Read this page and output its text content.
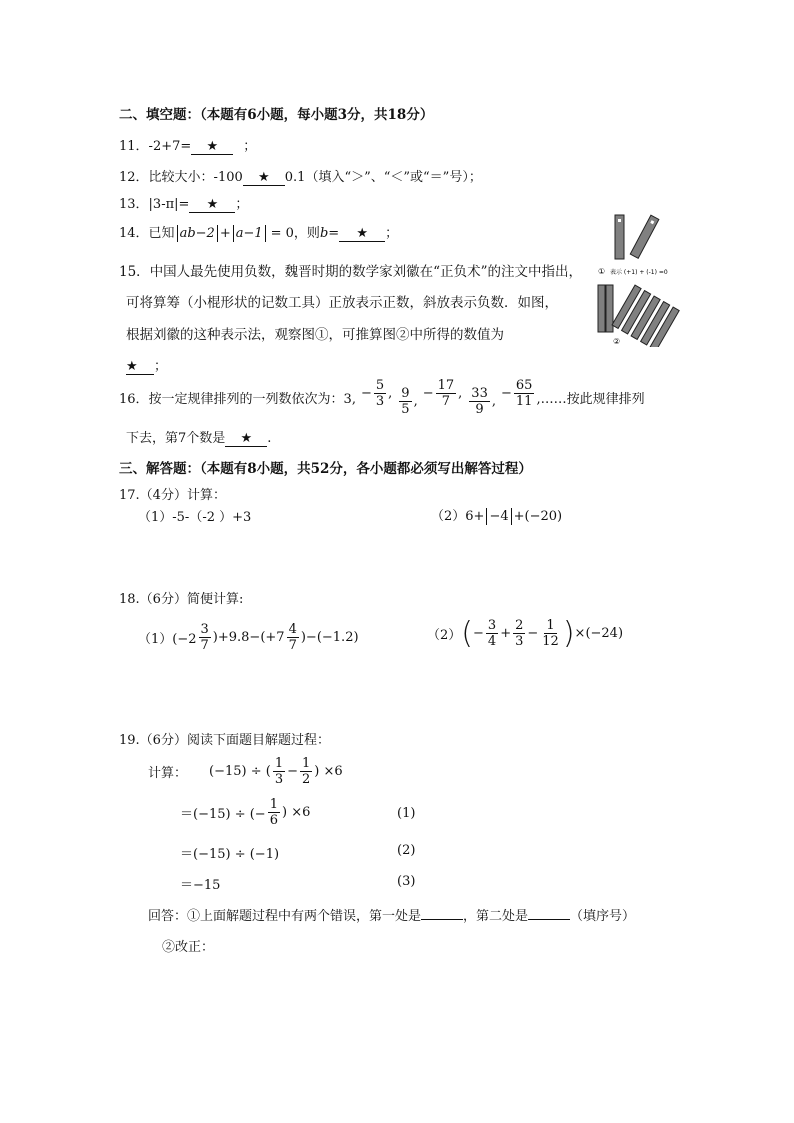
二、填空题：（本题有6小题，每小题3分，共18分）
11．-2+7= ★ ；
12．比较大小：-100 ★ 0.1（填入“＞”、“＜”或“＝”号）；
13．|3-π|= ★ ；
14．已知 ab−2 + a−1 = 0，则b= ★ ；
15．中国人最先使用负数，魏晋时期的数学家刘徽在“正负术”的注文中指出，
可将算筹（小棍形状的记数工具）正放表示正数，斜放表示负数．如图，
根据刘徽的这种表示法，观察图①，可推算图②中所得的数值为
★ ；
① 表示 (+1) + (-1) =0
②
16． 按一定规律排列的一列数依次为：3, − $\frac{5}{3}$ , $\frac{9}{5}$ ,
− $\frac{17}{7}$ , $\frac{33}{9}$ ,
− $\frac{65}{11}$ ,……按此规律排列
下去，第7个数是 ★ .
三、解答题：（本题有8小题，共52分，各小题都必须写出解答过程）
17.（4分）计算：
（1）-5-（-2 ）+3	（2）6+ −4 +(−20)
18.（6分）简便计算:
$(1)(-2 \frac{3}{7} )+9.8-(+7 \frac{4}{7} )-(-1.2)$	（2） ( − $\frac{3}{4} + \frac{2}{3} - \frac{1}{12}$ ) ×(−24)
19.（6分）阅读下面题目解题过程：
计算： (−15) ÷ ( $\frac{1}{3} - \frac{1}{2}$ ) ×6
＝(−15) ÷ (− $\frac{1}{6}$ ) ×6	(1)
＝(−15) ÷ (−1)	(2)
＝−15	(3)
回答：①上面解题过程中有两个错误，第一处是	，第二处是	（填序号）
②改正：
